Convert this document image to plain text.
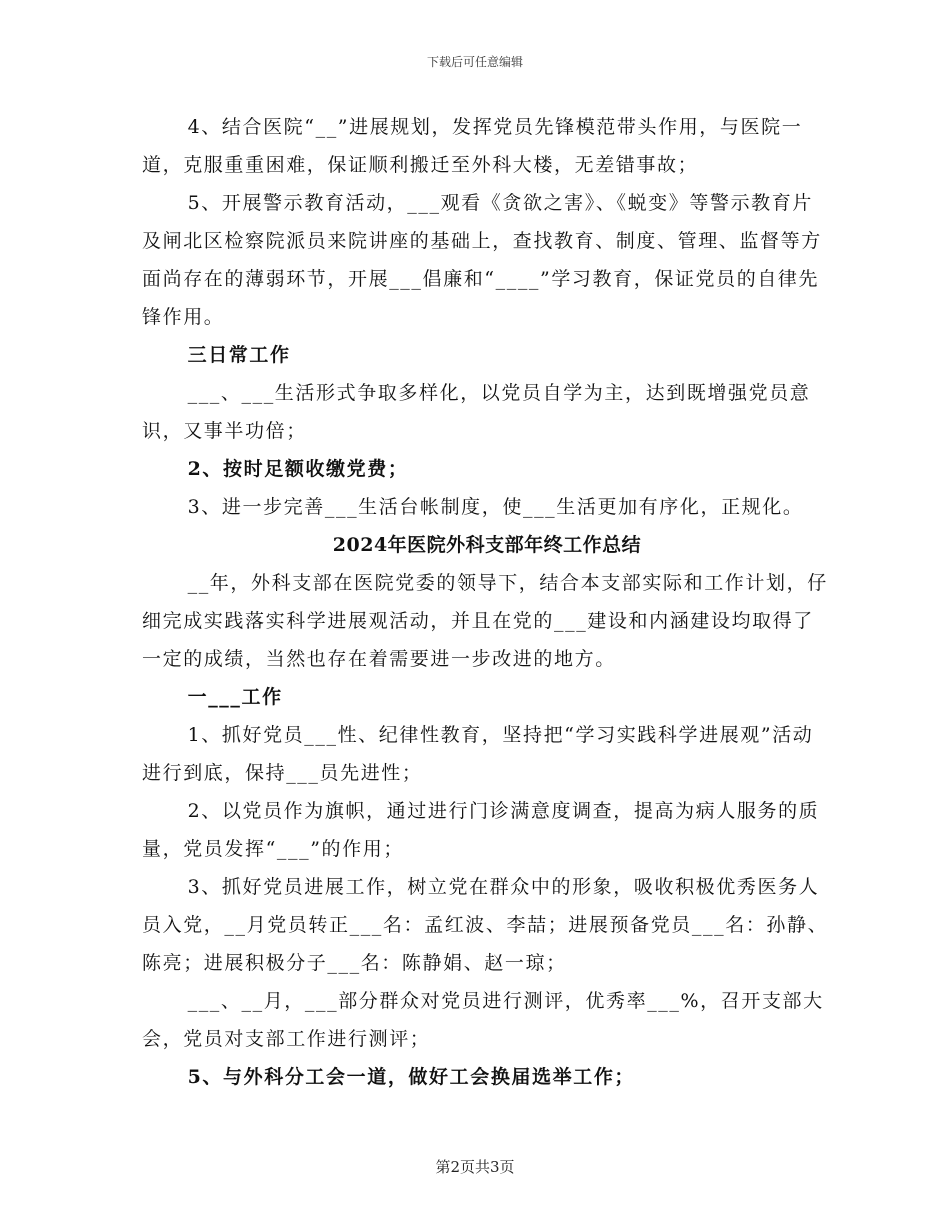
下载后可任意编辑

4、结合医院“__”进展规划，发挥党员先锋模范带头作用，与医院一道，克服重重困难，保证顺利搬迁至外科大楼，无差错事故；

5、开展警示教育活动，___观看《贪欲之害》、《蜕变》等警示教育片及闸北区检察院派员来院讲座的基础上，查找教育、制度、管理、监督等方面尚存在的薄弱环节，开展___倡廉和“____”学习教育，保证党员的自律先锋作用。

三日常工作

___、___生活形式争取多样化，以党员自学为主，达到既增强党员意识，又事半功倍；

2、按时足额收缴党费；

3、进一步完善___生活台帐制度，使___生活更加有序化，正规化。

2024年医院外科支部年终工作总结

__年，外科支部在医院党委的领导下，结合本支部实际和工作计划，仔细完成实践落实科学进展观活动，并且在党的___建设和内涵建设均取得了一定的成绩，当然也存在着需要进一步改进的地方。

一___工作

1、抓好党员___性、纪律性教育，坚持把“学习实践科学进展观”活动进行到底，保持___员先进性；

2、以党员作为旗帜，通过进行门诊满意度调查，提高为病人服务的质量，党员发挥“___”的作用；

3、抓好党员进展工作，树立党在群众中的形象，吸收积极优秀医务人员入党，__月党员转正___名：孟红波、李喆；进展预备党员___名：孙静、陈亮；进展积极分子___名：陈静娟、赵一琼；

___、__月，___部分群众对党员进行测评，优秀率___%，召开支部大会，党员对支部工作进行测评；

5、与外科分工会一道，做好工会换届选举工作；

第2页共3页
